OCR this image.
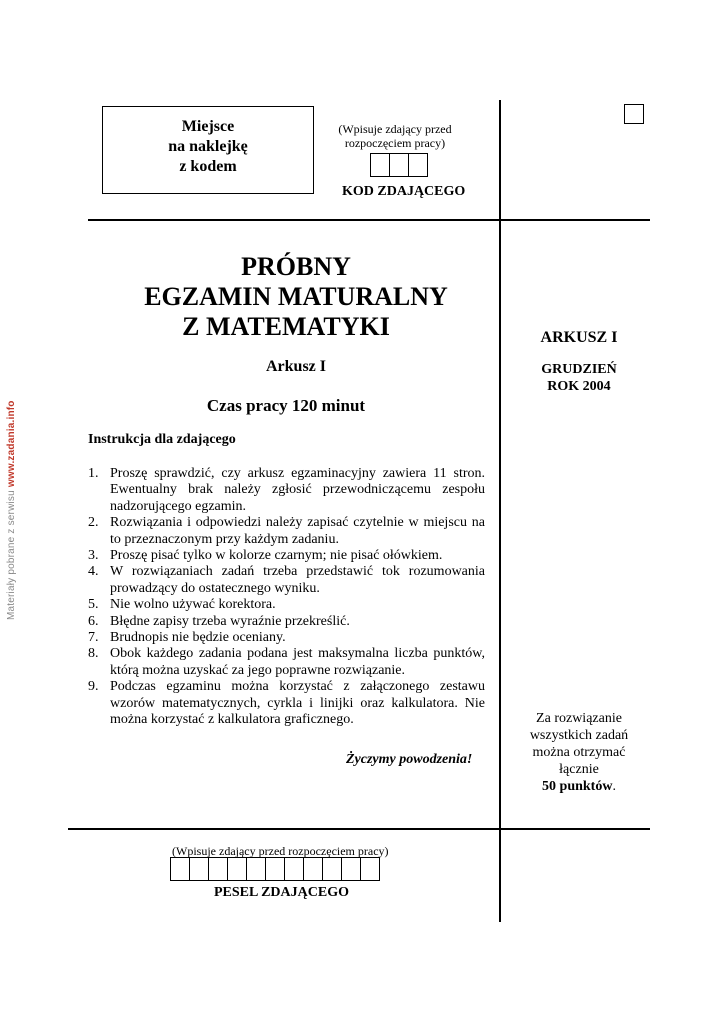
Miejsce
na naklejkę
z kodem
(Wpisuje zdający przed
rozpoczęciem pracy)
KOD ZDAJĄCEGO
PRÓBNY
EGZAMIN MATURALNY
Z MATEMATYKI
Arkusz I
Czas pracy 120 minut
Instrukcja dla zdającego
1. Proszę sprawdzić, czy arkusz egzaminacyjny zawiera 11 stron. Ewentualny brak należy zgłosić przewodniczącemu zespołu nadzorującego egzamin.
2. Rozwiązania i odpowiedzi należy zapisać czytelnie w miejscu na to przeznaczonym przy każdym zadaniu.
3. Proszę pisać tylko w kolorze czarnym; nie pisać ołówkiem.
4. W rozwiązaniach zadań trzeba przedstawić tok rozumowania prowadzący do ostatecznego wyniku.
5. Nie wolno używać korektora.
6. Błędne zapisy trzeba wyraźnie przekreślić.
7. Brudnopis nie będzie oceniany.
8. Obok każdego zadania podana jest maksymalna liczba punktów, którą można uzyskać za jego poprawne rozwiązanie.
9. Podczas egzaminu można korzystać z załączonego zestawu wzorów matematycznych, cyrkla i linijki oraz kalkulatora. Nie można korzystać z kalkulatora graficznego.
Życzymy powodzenia!
ARKUSZ I
GRUDZIEŃ
ROK 2004
Za rozwiązanie
wszystkich zadań
można otrzymać
łącznie
50 punktów.
(Wpisuje zdający przed rozpoczęciem pracy)
PESEL ZDAJĄCEGO
Materiały pobrane z serwisu www.zadania.info
